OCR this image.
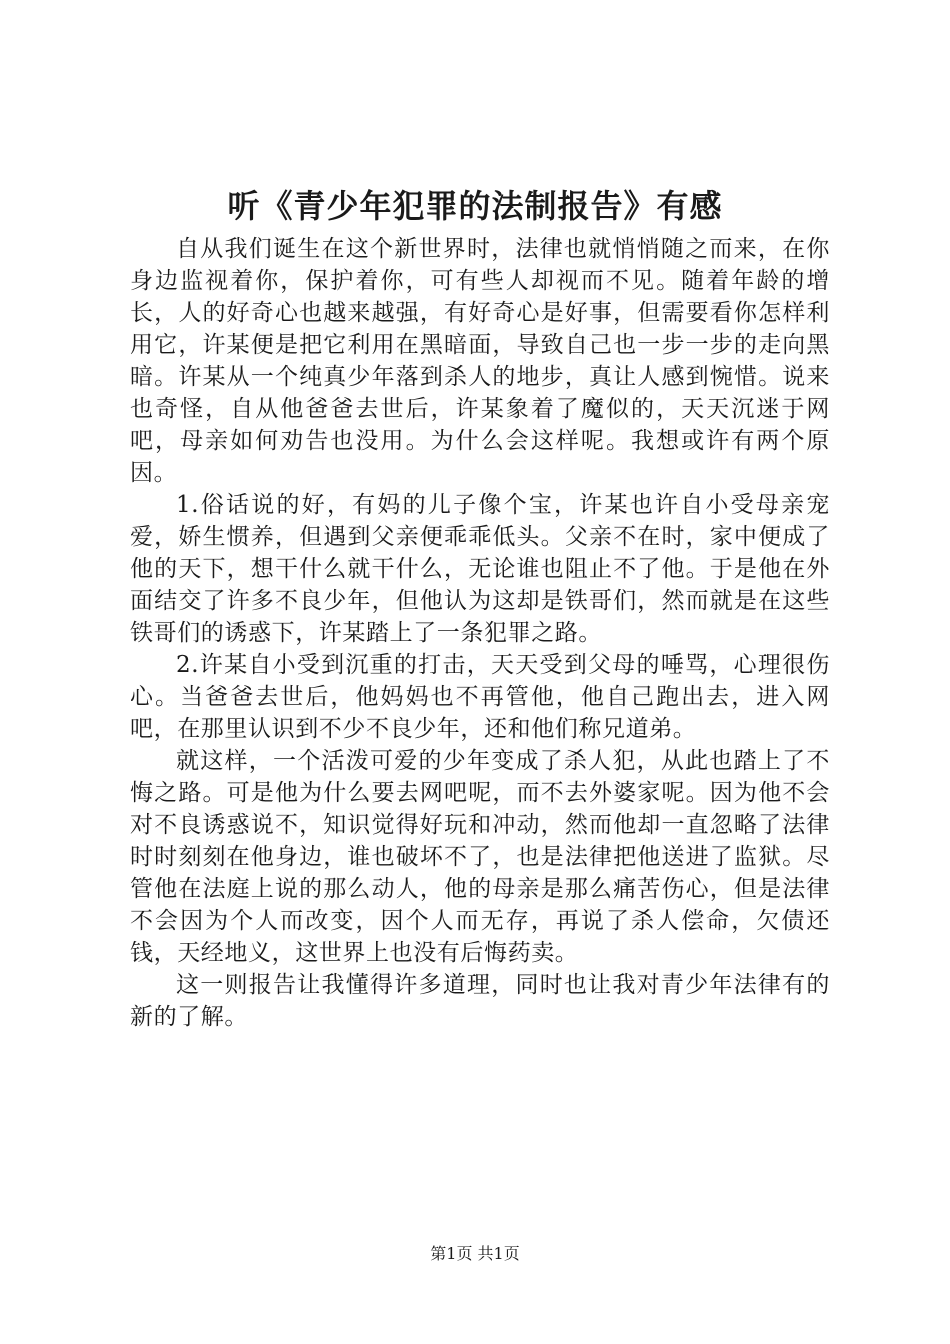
听《青少年犯罪的法制报告》有感

自从我们诞生在这个新世界时，法律也就悄悄随之而来，在你身边监视着你，保护着你，可有些人却视而不见。随着年龄的增长，人的好奇心也越来越强，有好奇心是好事，但需要看你怎样利用它，许某便是把它利用在黑暗面，导致自己也一步一步的走向黑暗。许某从一个纯真少年落到杀人的地步，真让人感到惋惜。说来也奇怪，自从他爸爸去世后，许某象着了魔似的，天天沉迷于网吧，母亲如何劝告也没用。为什么会这样呢。我想或许有两个原因。

1.俗话说的好，有妈的儿子像个宝，许某也许自小受母亲宠爱，娇生惯养，但遇到父亲便乖乖低头。父亲不在时，家中便成了他的天下，想干什么就干什么，无论谁也阻止不了他。于是他在外面结交了许多不良少年，但他认为这却是铁哥们，然而就是在这些铁哥们的诱惑下，许某踏上了一条犯罪之路。

2.许某自小受到沉重的打击，天天受到父母的唾骂，心理很伤心。当爸爸去世后，他妈妈也不再管他，他自己跑出去，进入网吧，在那里认识到不少不良少年，还和他们称兄道弟。

就这样，一个活泼可爱的少年变成了杀人犯，从此也踏上了不悔之路。可是他为什么要去网吧呢，而不去外婆家呢。因为他不会对不良诱惑说不，知识觉得好玩和冲动，然而他却一直忽略了法律时时刻刻在他身边，谁也破坏不了，也是法律把他送进了监狱。尽管他在法庭上说的那么动人，他的母亲是那么痛苦伤心，但是法律不会因为个人而改变，因个人而无存，再说了杀人偿命，欠债还钱，天经地义，这世界上也没有后悔药卖。

这一则报告让我懂得许多道理，同时也让我对青少年法律有的新的了解。

第1页 共1页
